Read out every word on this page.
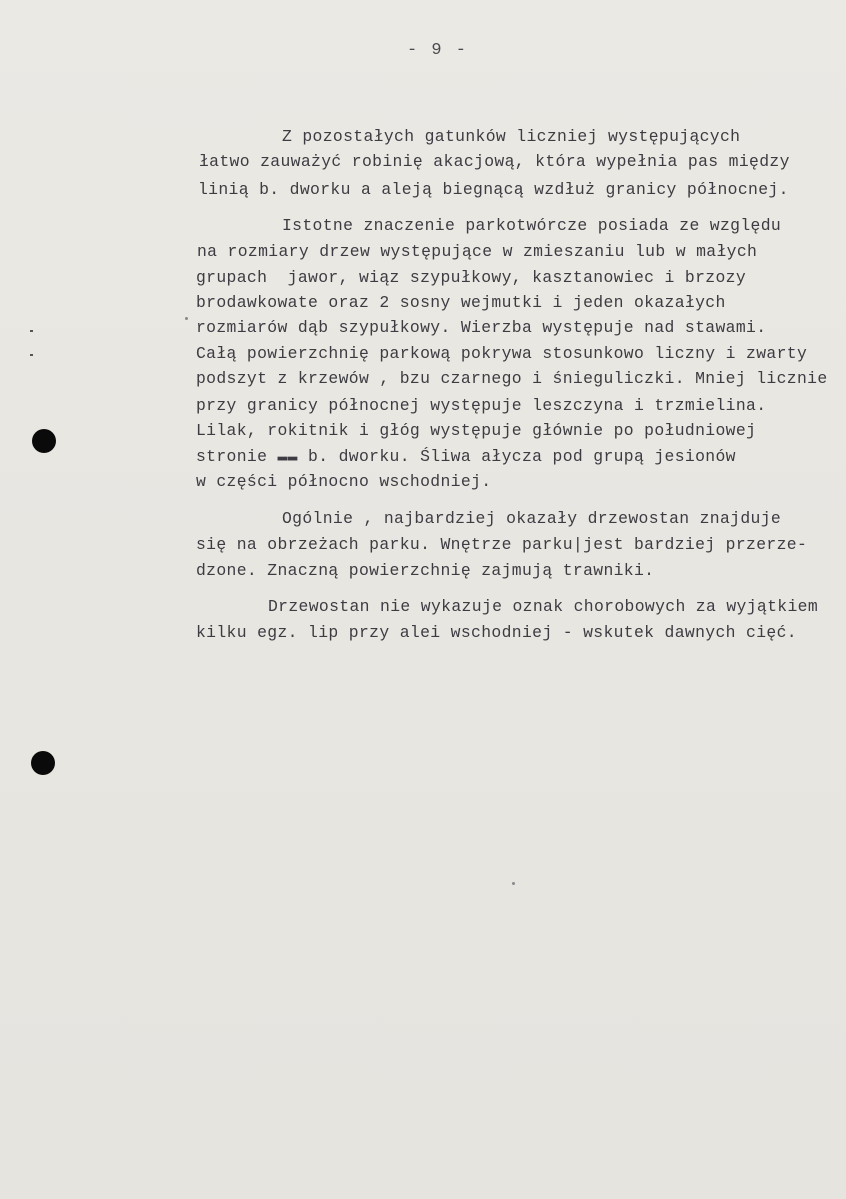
- 9 -
Z pozostałych gatunków liczniej występujących
łatwo zauważyć robinię akacjową, która wypełnia pas między
linią b. dworku a aleją biegnącą wzdłuż granicy północnej.
Istotne znaczenie parkotwórcze posiada ze względu
na rozmiary drzew występujące w zmieszaniu lub w małych
grupach  jawor, wiąz szypułkowy, kasztanowiec i brzozy
brodawkowate oraz 2 sosny wejmutki i jeden okazałych
rozmiarów dąb szypułkowy. Wierzba występuje nad stawami.
Całą powierzchnię parkową pokrywa stosunkowo liczny i zwarty
podszyt z krzewów , bzu czarnego i śnieguliczki. Mniej licznie
przy granicy północnej występuje leszczyna i trzmielina.
Lilak, rokitnik i głóg występuje głównie po południowej
stronie ▬▬ b. dworku. Śliwa ałycza pod grupą jesionów
w części północno wschodniej.
Ogólnie , najbardziej okazały drzewostan znajduje
się na obrzeżach parku. Wnętrze parku|jest bardziej przerze-
dzone. Znaczną powierzchnię zajmują trawniki.
Drzewostan nie wykazuje oznak chorobowych za wyjątkiem
kilku egz. lip przy alei wschodniej - wskutek dawnych cięć.
